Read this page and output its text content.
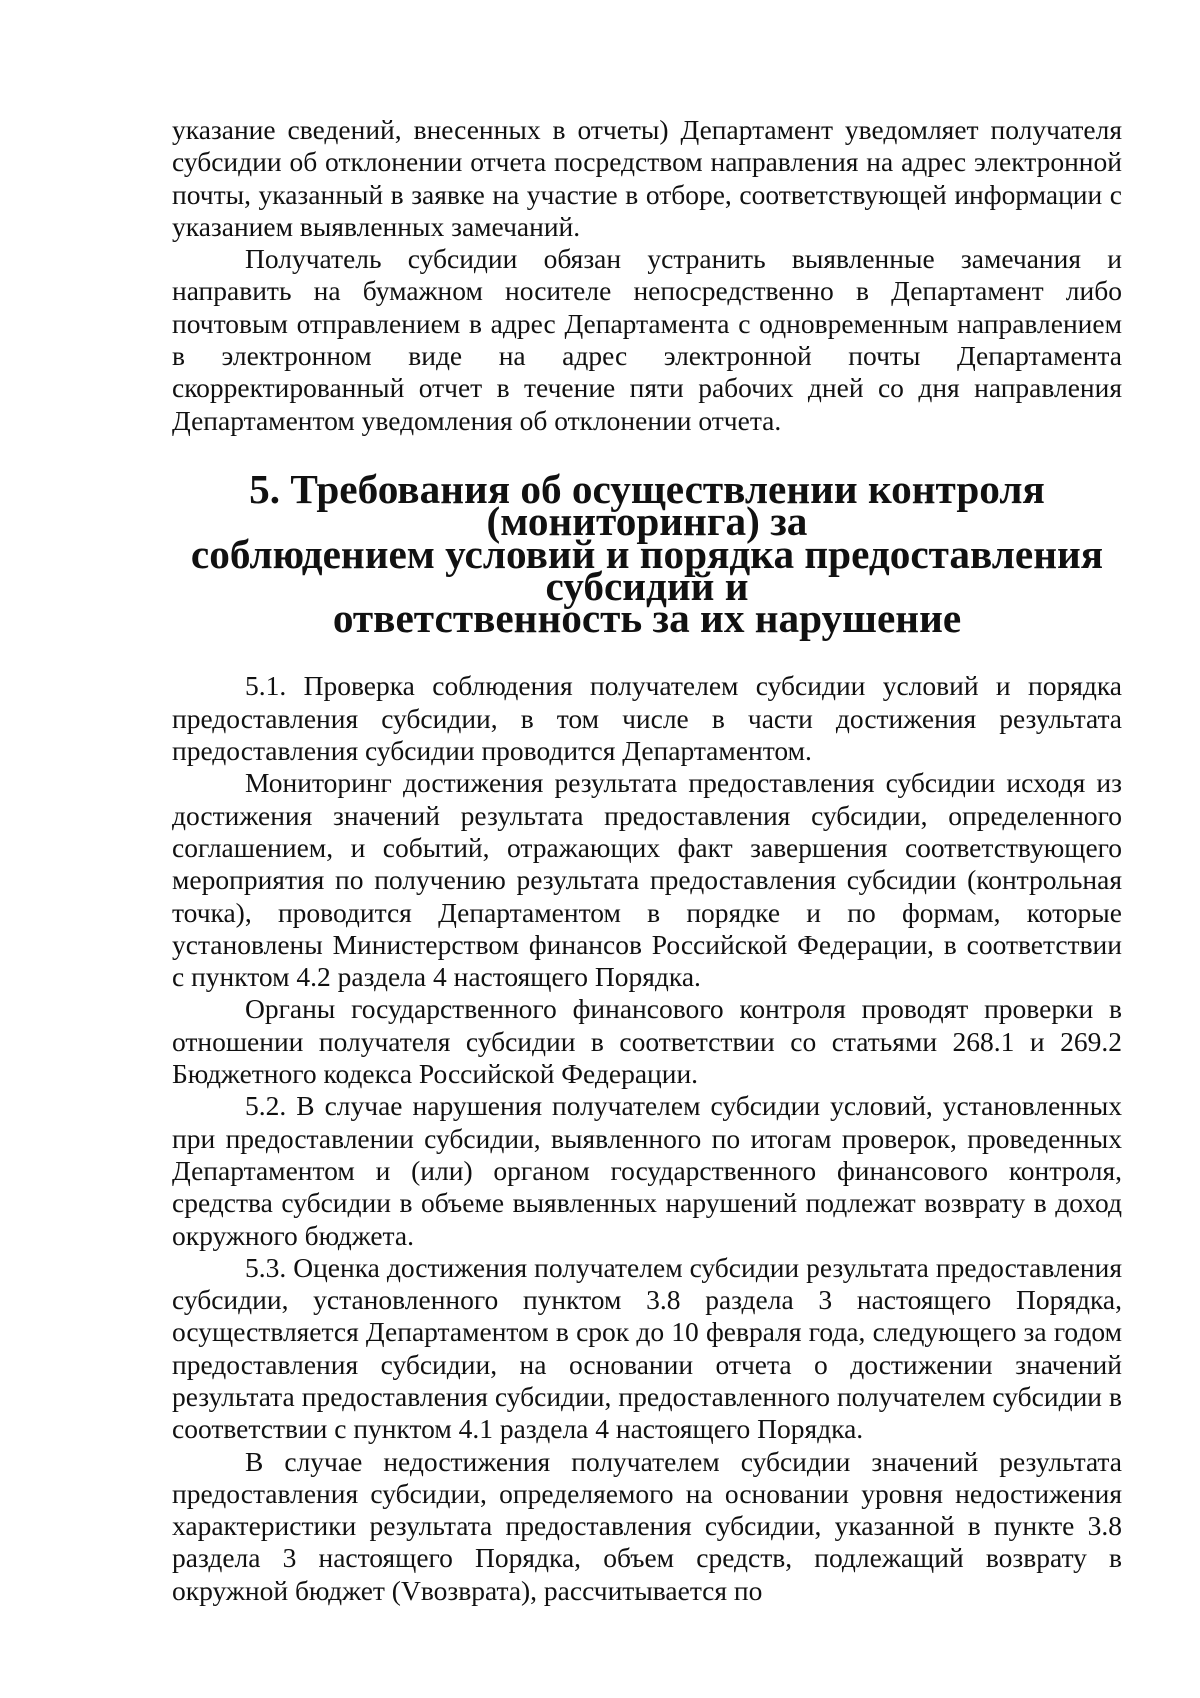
указание сведений, внесенных в отчеты) Департамент уведомляет получателя субсидии об отклонении отчета посредством направления на адрес электронной почты, указанный в заявке на участие в отборе, соответствующей информации с указанием выявленных замечаний.

Получатель субсидии обязан устранить выявленные замечания и направить на бумажном носителе непосредственно в Департамент либо почтовым отправлением в адрес Департамента с одновременным направлением в электронном виде на адрес электронной почты Департамента скорректированный отчет в течение пяти рабочих дней со дня направления Департаментом уведомления об отклонении отчета.

5. Требования об осуществлении контроля (мониторинга) за
соблюдением условий и порядка предоставления субсидий и
ответственность за их нарушение

5.1. Проверка соблюдения получателем субсидии условий и порядка предоставления субсидии, в том числе в части достижения результата предоставления субсидии проводится Департаментом.

Мониторинг достижения результата предоставления субсидии исходя из достижения значений результата предоставления субсидии, определенного соглашением, и событий, отражающих факт завершения соответствующего мероприятия по получению результата предоставления субсидии (контрольная точка), проводится Департаментом в порядке и по формам, которые установлены Министерством финансов Российской Федерации, в соответствии с пунктом 4.2 раздела 4 настоящего Порядка.

Органы государственного финансового контроля проводят проверки в отношении получателя субсидии в соответствии со статьями 268.1 и 269.2 Бюджетного кодекса Российской Федерации.

5.2. В случае нарушения получателем субсидии условий, установленных при предоставлении субсидии, выявленного по итогам проверок, проведенных Департаментом и (или) органом государственного финансового контроля, средства субсидии в объеме выявленных нарушений подлежат возврату в доход окружного бюджета.

5.3. Оценка достижения получателем субсидии результата предоставления субсидии, установленного пунктом 3.8 раздела 3 настоящего Порядка, осуществляется Департаментом в срок до 10 февраля года, следующего за годом предоставления субсидии, на основании отчета о достижении значений результата предоставления субсидии, предоставленного получателем субсидии в соответствии с пунктом 4.1 раздела 4 настоящего Порядка.

В случае недостижения получателем субсидии значений результата предоставления субсидии, определяемого на основании уровня недостижения характеристики результата предоставления субсидии, указанной в пункте 3.8 раздела 3 настоящего Порядка, объем средств, подлежащий возврату в окружной бюджет (Vвозврата), рассчитывается по
